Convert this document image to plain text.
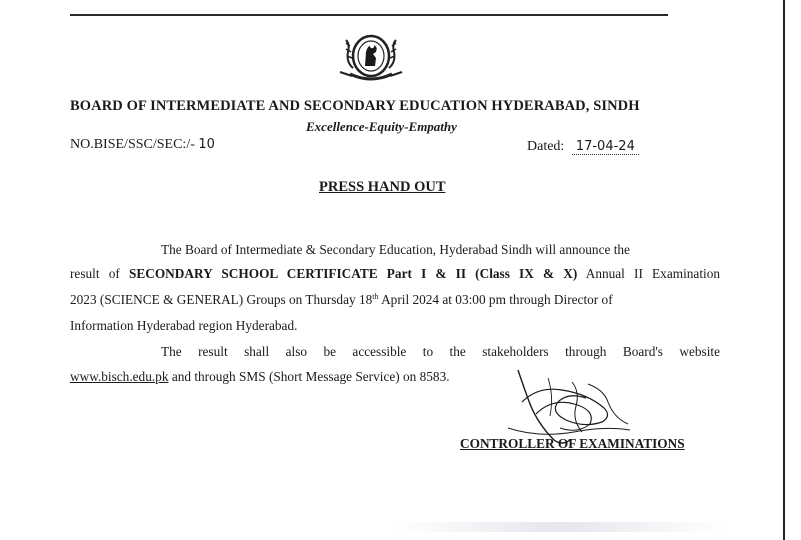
BOARD OF INTERMEDIATE AND SECONDARY EDUCATION HYDERABAD, SINDH
Excellence-Equity-Empathy
NO.BISE/SSC/SEC:/- 10	Dated: 17-04-24
PRESS HAND OUT
The Board of Intermediate & Secondary Education, Hyderabad Sindh will announce the
result of SECONDARY SCHOOL CERTIFICATE Part I & II (Class IX & X) Annual II Examination
2023 (SCIENCE & GENERAL) Groups on Thursday 18th April 2024 at 03:00 pm through Director of
Information Hyderabad region Hyderabad.
The result shall also be accessible to the stakeholders through Board's website
www.bisch.edu.pk and through SMS (Short Message Service) on 8583.
CONTROLLER OF EXAMINATIONS
